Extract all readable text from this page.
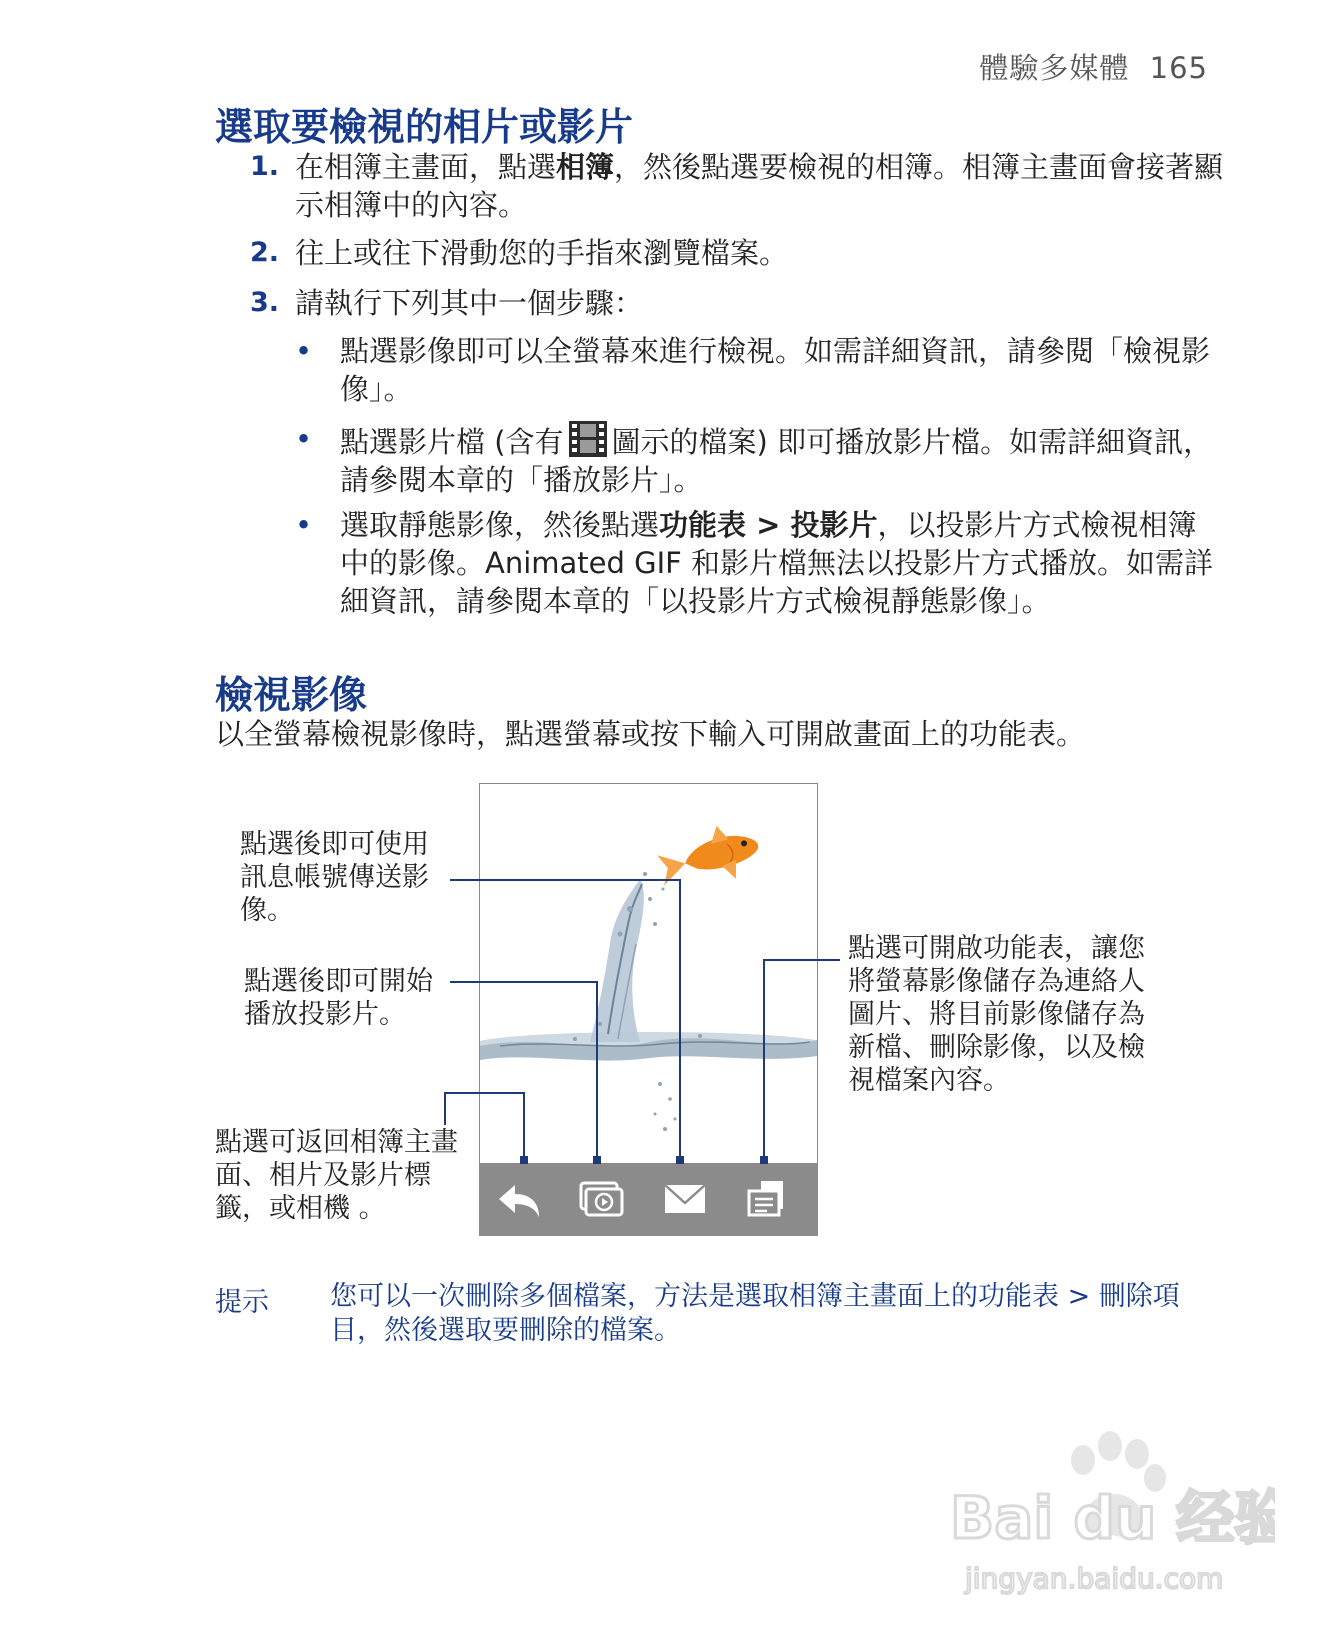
體驗多媒體 165
選取要檢視的相片或影片
1. 在相簿主畫面，點選相簿，然後點選要檢視的相簿。相簿主畫面會接著顯示相簿中的內容。
2. 往上或往下滑動您的手指來瀏覽檔案。
3. 請執行下列其中一個步驟：
• 點選影像即可以全螢幕來進行檢視。如需詳細資訊，請參閱「檢視影像」。
• 點選影片檔 (含有 圖示的檔案) 即可播放影片檔。如需詳細資訊，請參閱本章的「播放影片」。
• 選取靜態影像，然後點選功能表 > 投影片，以投影片方式檢視相簿中的影像。Animated GIF 和影片檔無法以投影片方式播放。如需詳細資訊，請參閱本章的「以投影片方式檢視靜態影像」。
檢視影像
以全螢幕檢視影像時，點選螢幕或按下輸入可開啟畫面上的功能表。
點選後即可使用訊息帳號傳送影像。
點選後即可開始播放投影片。
點選可返回相簿主畫面、相片及影片標籤，或相機 。
點選可開啟功能表，讓您將螢幕影像儲存為連絡人圖片、將目前影像儲存為新檔、刪除影像，以及檢視檔案內容。
提示 您可以一次刪除多個檔案，方法是選取相簿主畫面上的功能表 > 刪除項目，然後選取要刪除的檔案。
Bai du 经验
jingyan.baidu.com
